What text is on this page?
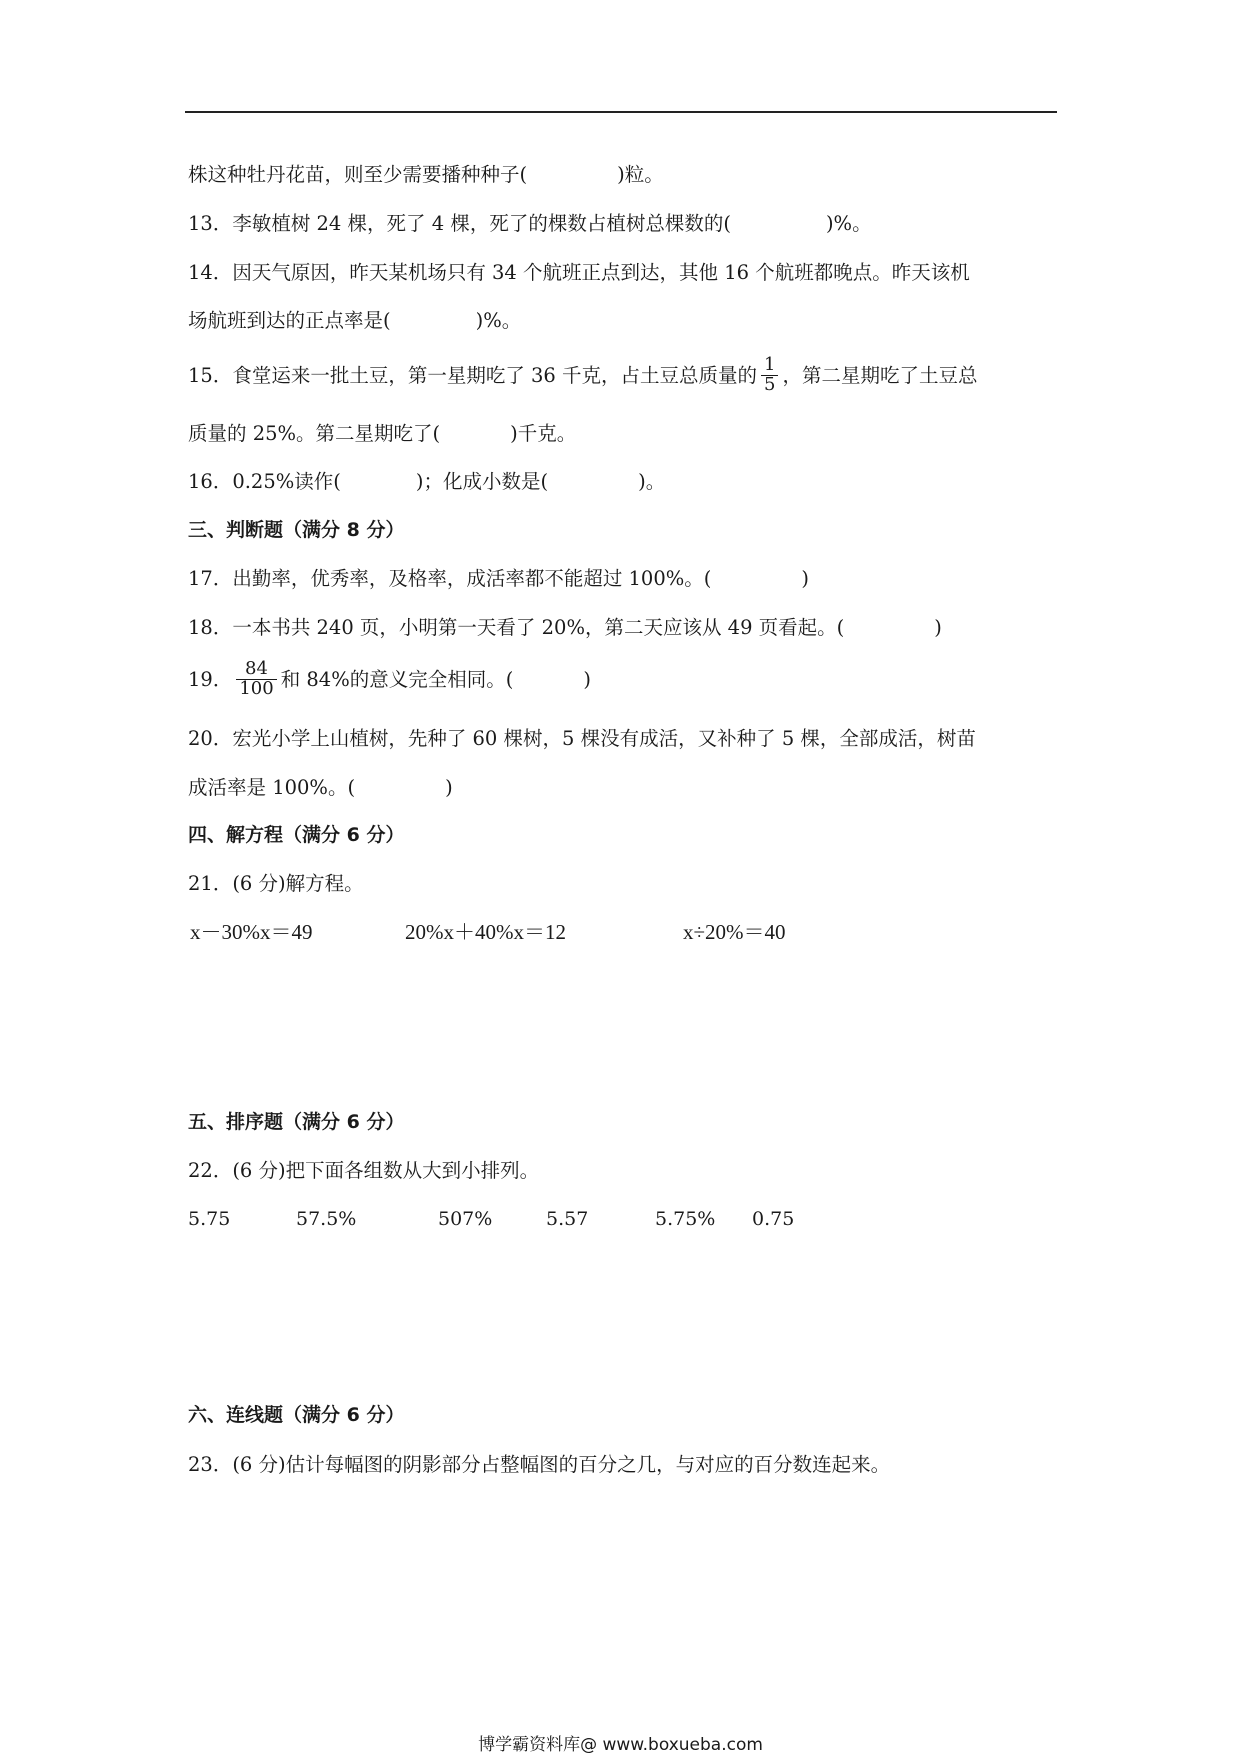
株这种牡丹花苗，则至少需要播种种子(	)粒。
13．李敏植树 24 棵，死了 4 棵，死了的棵数占植树总棵数的(	)%。
14．因天气原因，昨天某机场只有 34 个航班正点到达，其他 16 个航班都晚点。昨天该机
场航班到达的正点率是(	)%。
15．食堂运来一批土豆，第一星期吃了 36 千克，占土豆总质量的 $\frac{1}{5}$ ，第二星期吃了土豆总
质量的 25%。第二星期吃了(	)千克。
16．0.25%读作(	)；化成小数是(	)。
三、判断题（满分 8 分）
17．出勤率，优秀率，及格率，成活率都不能超过 100%。(	)
18．一本书共 240 页，小明第一天看了 20%，第二天应该从 49 页看起。(	)
19． $\frac{84}{100}$ 和 84%的意义完全相同。(	)
20．宏光小学上山植树，先种了 60 棵树，5 棵没有成活，又补种了 5 棵，全部成活，树苗
成活率是 100%。(	)
四、解方程（满分 6 分）
21．(6 分)解方程。
x－30%x＝49	20%x＋40%x＝12	x÷20%＝40
五、排序题（满分 6 分）
22．(6 分)把下面各组数从大到小排列。
5.75	57.5%	507%	5.57	5.75% 0.75
六、连线题（满分 6 分）
23．(6 分)估计每幅图的阴影部分占整幅图的百分之几，与对应的百分数连起来。
博学霸资料库@ www.boxueba.com
